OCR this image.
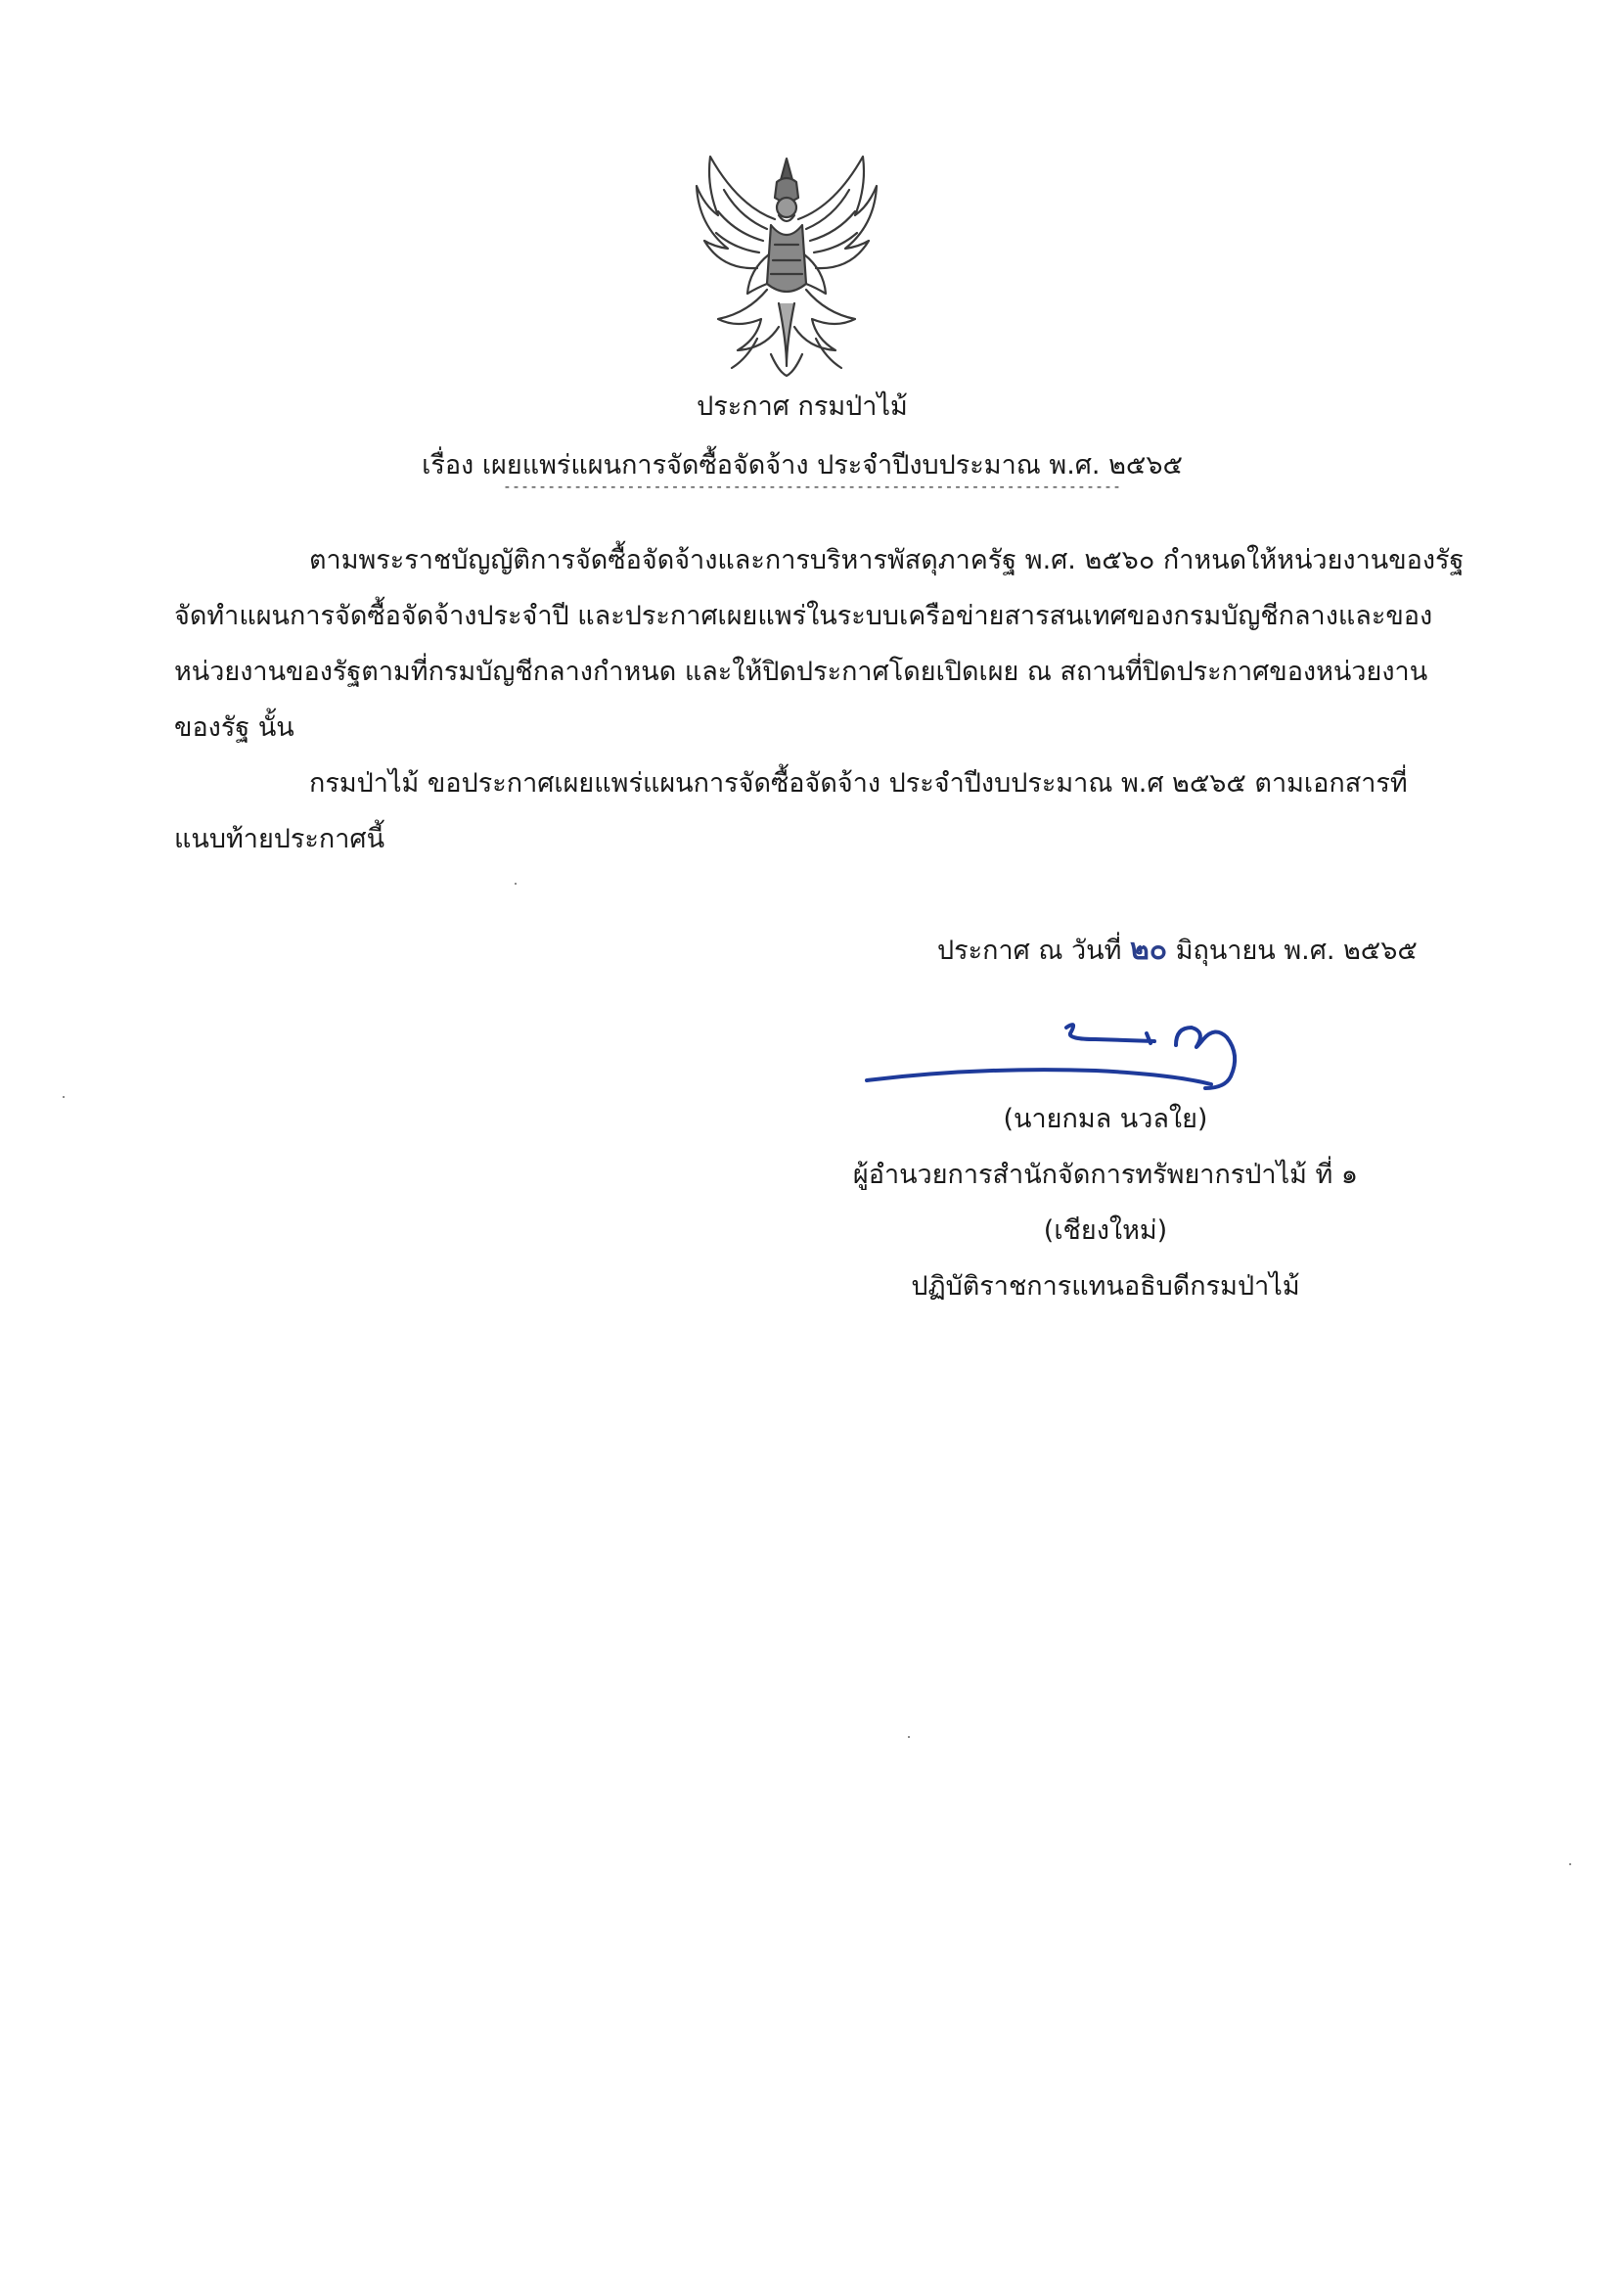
ประกาศ กรมป่าไม้
เรื่อง เผยแพร่แผนการจัดซื้อจัดจ้าง ประจำปีงบประมาณ พ.ศ. ๒๕๖๕
----------------------------------------------------------------------
ตามพระราชบัญญัติการจัดซื้อจัดจ้างและการบริหารพัสดุภาครัฐ พ.ศ. ๒๕๖๐ กำหนดให้หน่วยงานของรัฐ
จัดทำแผนการจัดซื้อจัดจ้างประจำปี และประกาศเผยแพร่ในระบบเครือข่ายสารสนเทศของกรมบัญชีกลางและของ
หน่วยงานของรัฐตามที่กรมบัญชีกลางกำหนด และให้ปิดประกาศโดยเปิดเผย ณ สถานที่ปิดประกาศของหน่วยงาน
ของรัฐ นั้น
กรมป่าไม้ ขอประกาศเผยแพร่แผนการจัดซื้อจัดจ้าง ประจำปีงบประมาณ พ.ศ ๒๕๖๕ ตามเอกสารที่
แนบท้ายประกาศนี้
ประกาศ ณ วันที่ ๒๐ มิถุนายน พ.ศ. ๒๕๖๕
(นายกมล นวลใย)
ผู้อำนวยการสำนักจัดการทรัพยากรป่าไม้ ที่ ๑
(เชียงใหม่)
ปฏิบัติราชการแทนอธิบดีกรมป่าไม้
